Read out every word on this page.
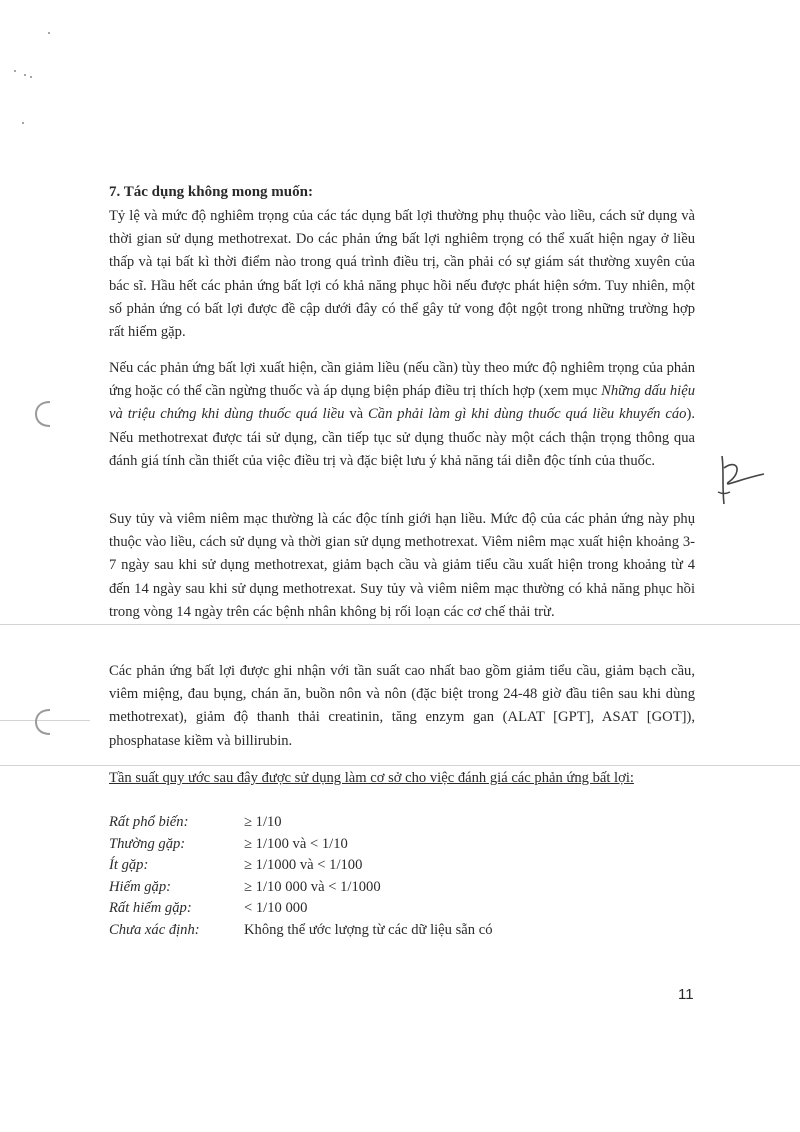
7. Tác dụng không mong muốn:

Tỷ lệ và mức độ nghiêm trọng của các tác dụng bất lợi thường phụ thuộc vào liều, cách sử dụng và thời gian sử dụng methotrexat. Do các phản ứng bất lợi nghiêm trọng có thể xuất hiện ngay ở liều thấp và tại bất kì thời điểm nào trong quá trình điều trị, cần phải có sự giám sát thường xuyên của bác sĩ. Hầu hết các phản ứng bất lợi có khả năng phục hồi nếu được phát hiện sớm. Tuy nhiên, một số phản ứng có bất lợi được đề cập dưới đây có thể gây tử vong đột ngột trong những trường hợp rất hiếm gặp.

Nếu các phản ứng bất lợi xuất hiện, cần giảm liều (nếu cần) tùy theo mức độ nghiêm trọng của phản ứng hoặc có thể cần ngừng thuốc và áp dụng biện pháp điều trị thích hợp (xem mục Những dấu hiệu và triệu chứng khi dùng thuốc quá liều và Cần phải làm gì khi dùng thuốc quá liều khuyến cáo). Nếu methotrexat được tái sử dụng, cần tiếp tục sử dụng thuốc này một cách thận trọng thông qua đánh giá tính cần thiết của việc điều trị và đặc biệt lưu ý khả năng tái diễn độc tính của thuốc.

Suy tủy và viêm niêm mạc thường là các độc tính giới hạn liều. Mức độ của các phản ứng này phụ thuộc vào liều, cách sử dụng và thời gian sử dụng methotrexat. Viêm niêm mạc xuất hiện khoảng 3-7 ngày sau khi sử dụng methotrexat, giảm bạch cầu và giảm tiểu cầu xuất hiện trong khoảng từ 4 đến 14 ngày sau khi sử dụng methotrexat. Suy tủy và viêm niêm mạc thường có khả năng phục hồi trong vòng 14 ngày trên các bệnh nhân không bị rối loạn các cơ chế thải trừ.

Các phản ứng bất lợi được ghi nhận với tần suất cao nhất bao gồm giảm tiểu cầu, giảm bạch cầu, viêm miệng, đau bụng, chán ăn, buồn nôn và nôn (đặc biệt trong 24-48 giờ đầu tiên sau khi dùng methotrexat), giảm độ thanh thải creatinin, tăng enzym gan (ALAT [GPT], ASAT [GOT]), phosphatase kiềm và billirubin.

Tần suất quy ước sau đây được sử dụng làm cơ sở cho việc đánh giá các phản ứng bất lợi:

Rất phổ biến:	≥ 1/10
Thường gặp:	≥ 1/100 và < 1/10
Ít gặp:	≥ 1/1000 và < 1/100
Hiếm gặp:	≥ 1/10 000 và < 1/1000
Rất hiếm gặp:	< 1/10 000
Chưa xác định:	Không thể ước lượng từ các dữ liệu sẵn có
11
